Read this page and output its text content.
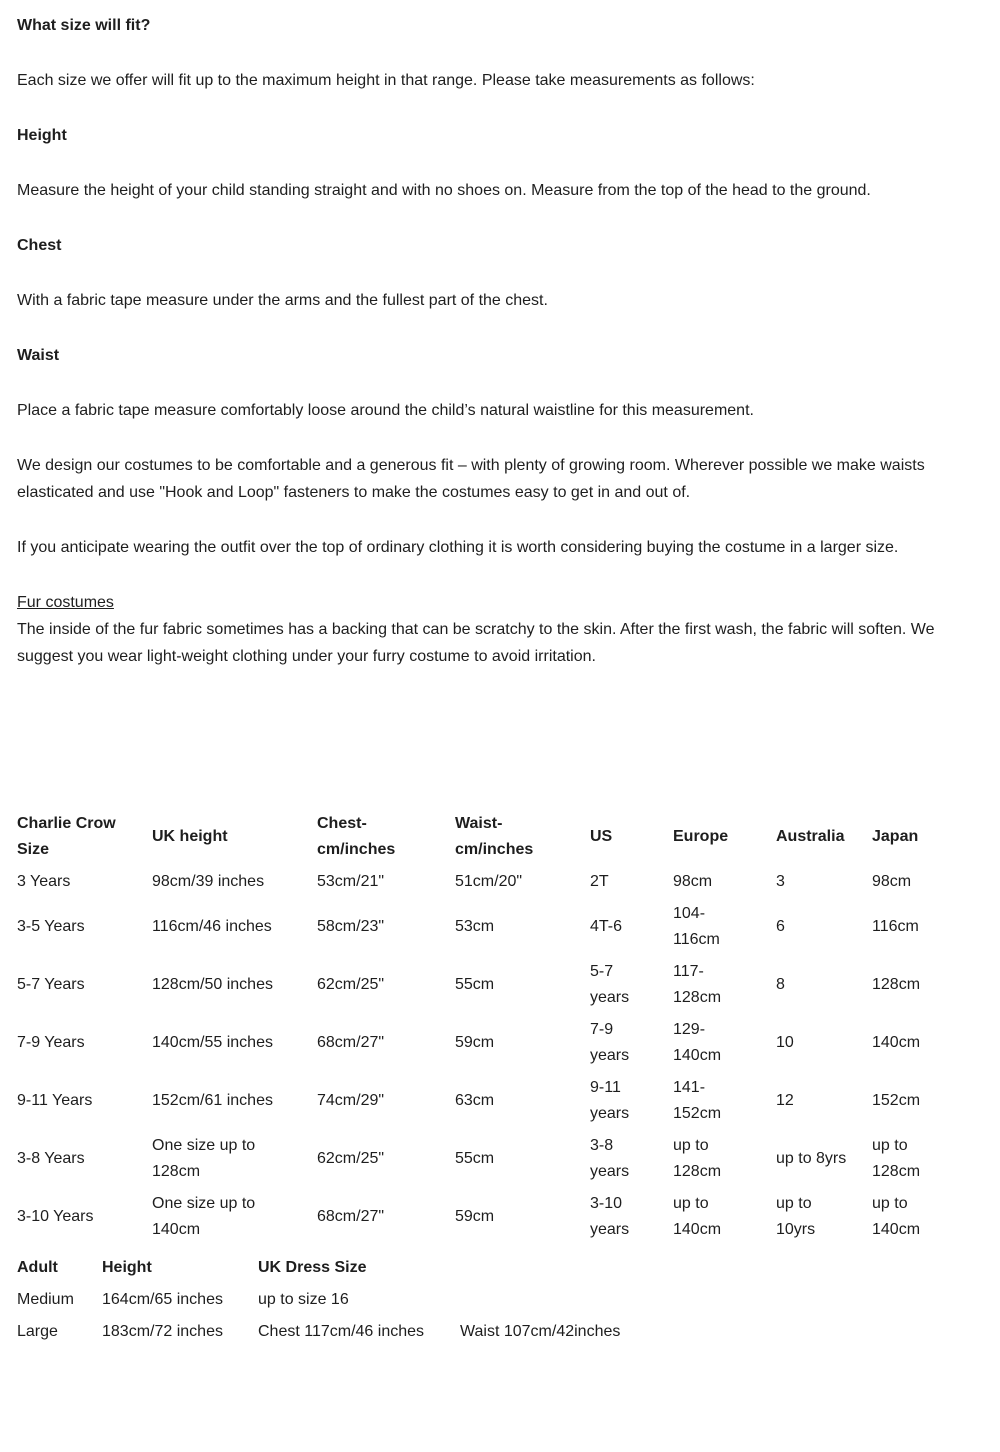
What size will fit?

Each size we offer will fit up to the maximum height in that range. Please take measurements as follows:

Height

Measure the height of your child standing straight and with no shoes on. Measure from the top of the head to the ground.

Chest

With a fabric tape measure under the arms and the fullest part of the chest.

Waist

Place a fabric tape measure comfortably loose around the child’s natural waistline for this measurement.

We design our costumes to be comfortable and a generous fit – with plenty of growing room. Wherever possible we make waists elasticated and use "Hook and Loop" fasteners to make the costumes easy to get in and out of.

If you anticipate wearing the outfit over the top of ordinary clothing it is worth considering buying the costume in a larger size.

Fur costumes

The inside of the fur fabric sometimes has a backing that can be scratchy to the skin. After the first wash, the fabric will soften. We suggest you wear light-weight clothing under your furry costume to avoid irritation.

Charlie Crow Size	UK height	Chest-cm/inches	Waist-cm/inches	US	Europe	Australia	Japan
3 Years	98cm/39 inches	53cm/21"	51cm/20"	2T	98cm	3	98cm
3-5 Years	116cm/46 inches	58cm/23"	53cm	4T-6	104-116cm	6	116cm
5-7 Years	128cm/50 inches	62cm/25"	55cm	5-7 years	117-128cm	8	128cm
7-9 Years	140cm/55 inches	68cm/27"	59cm	7-9 years	129-140cm	10	140cm
9-11 Years	152cm/61 inches	74cm/29"	63cm	9-11 years	141-152cm	12	152cm
3-8 Years	One size up to 128cm	62cm/25"	55cm	3-8 years	up to 128cm	up to 8yrs	up to 128cm
3-10 Years	One size up to 140cm	68cm/27"	59cm	3-10 years	up to 140cm	up to 10yrs	up to 140cm
Adult	Height	UK Dress Size	
Medium	164cm/65 inches	up to size 16	
Large	183cm/72 inches	Chest 117cm/46 inches	Waist 107cm/42inches
